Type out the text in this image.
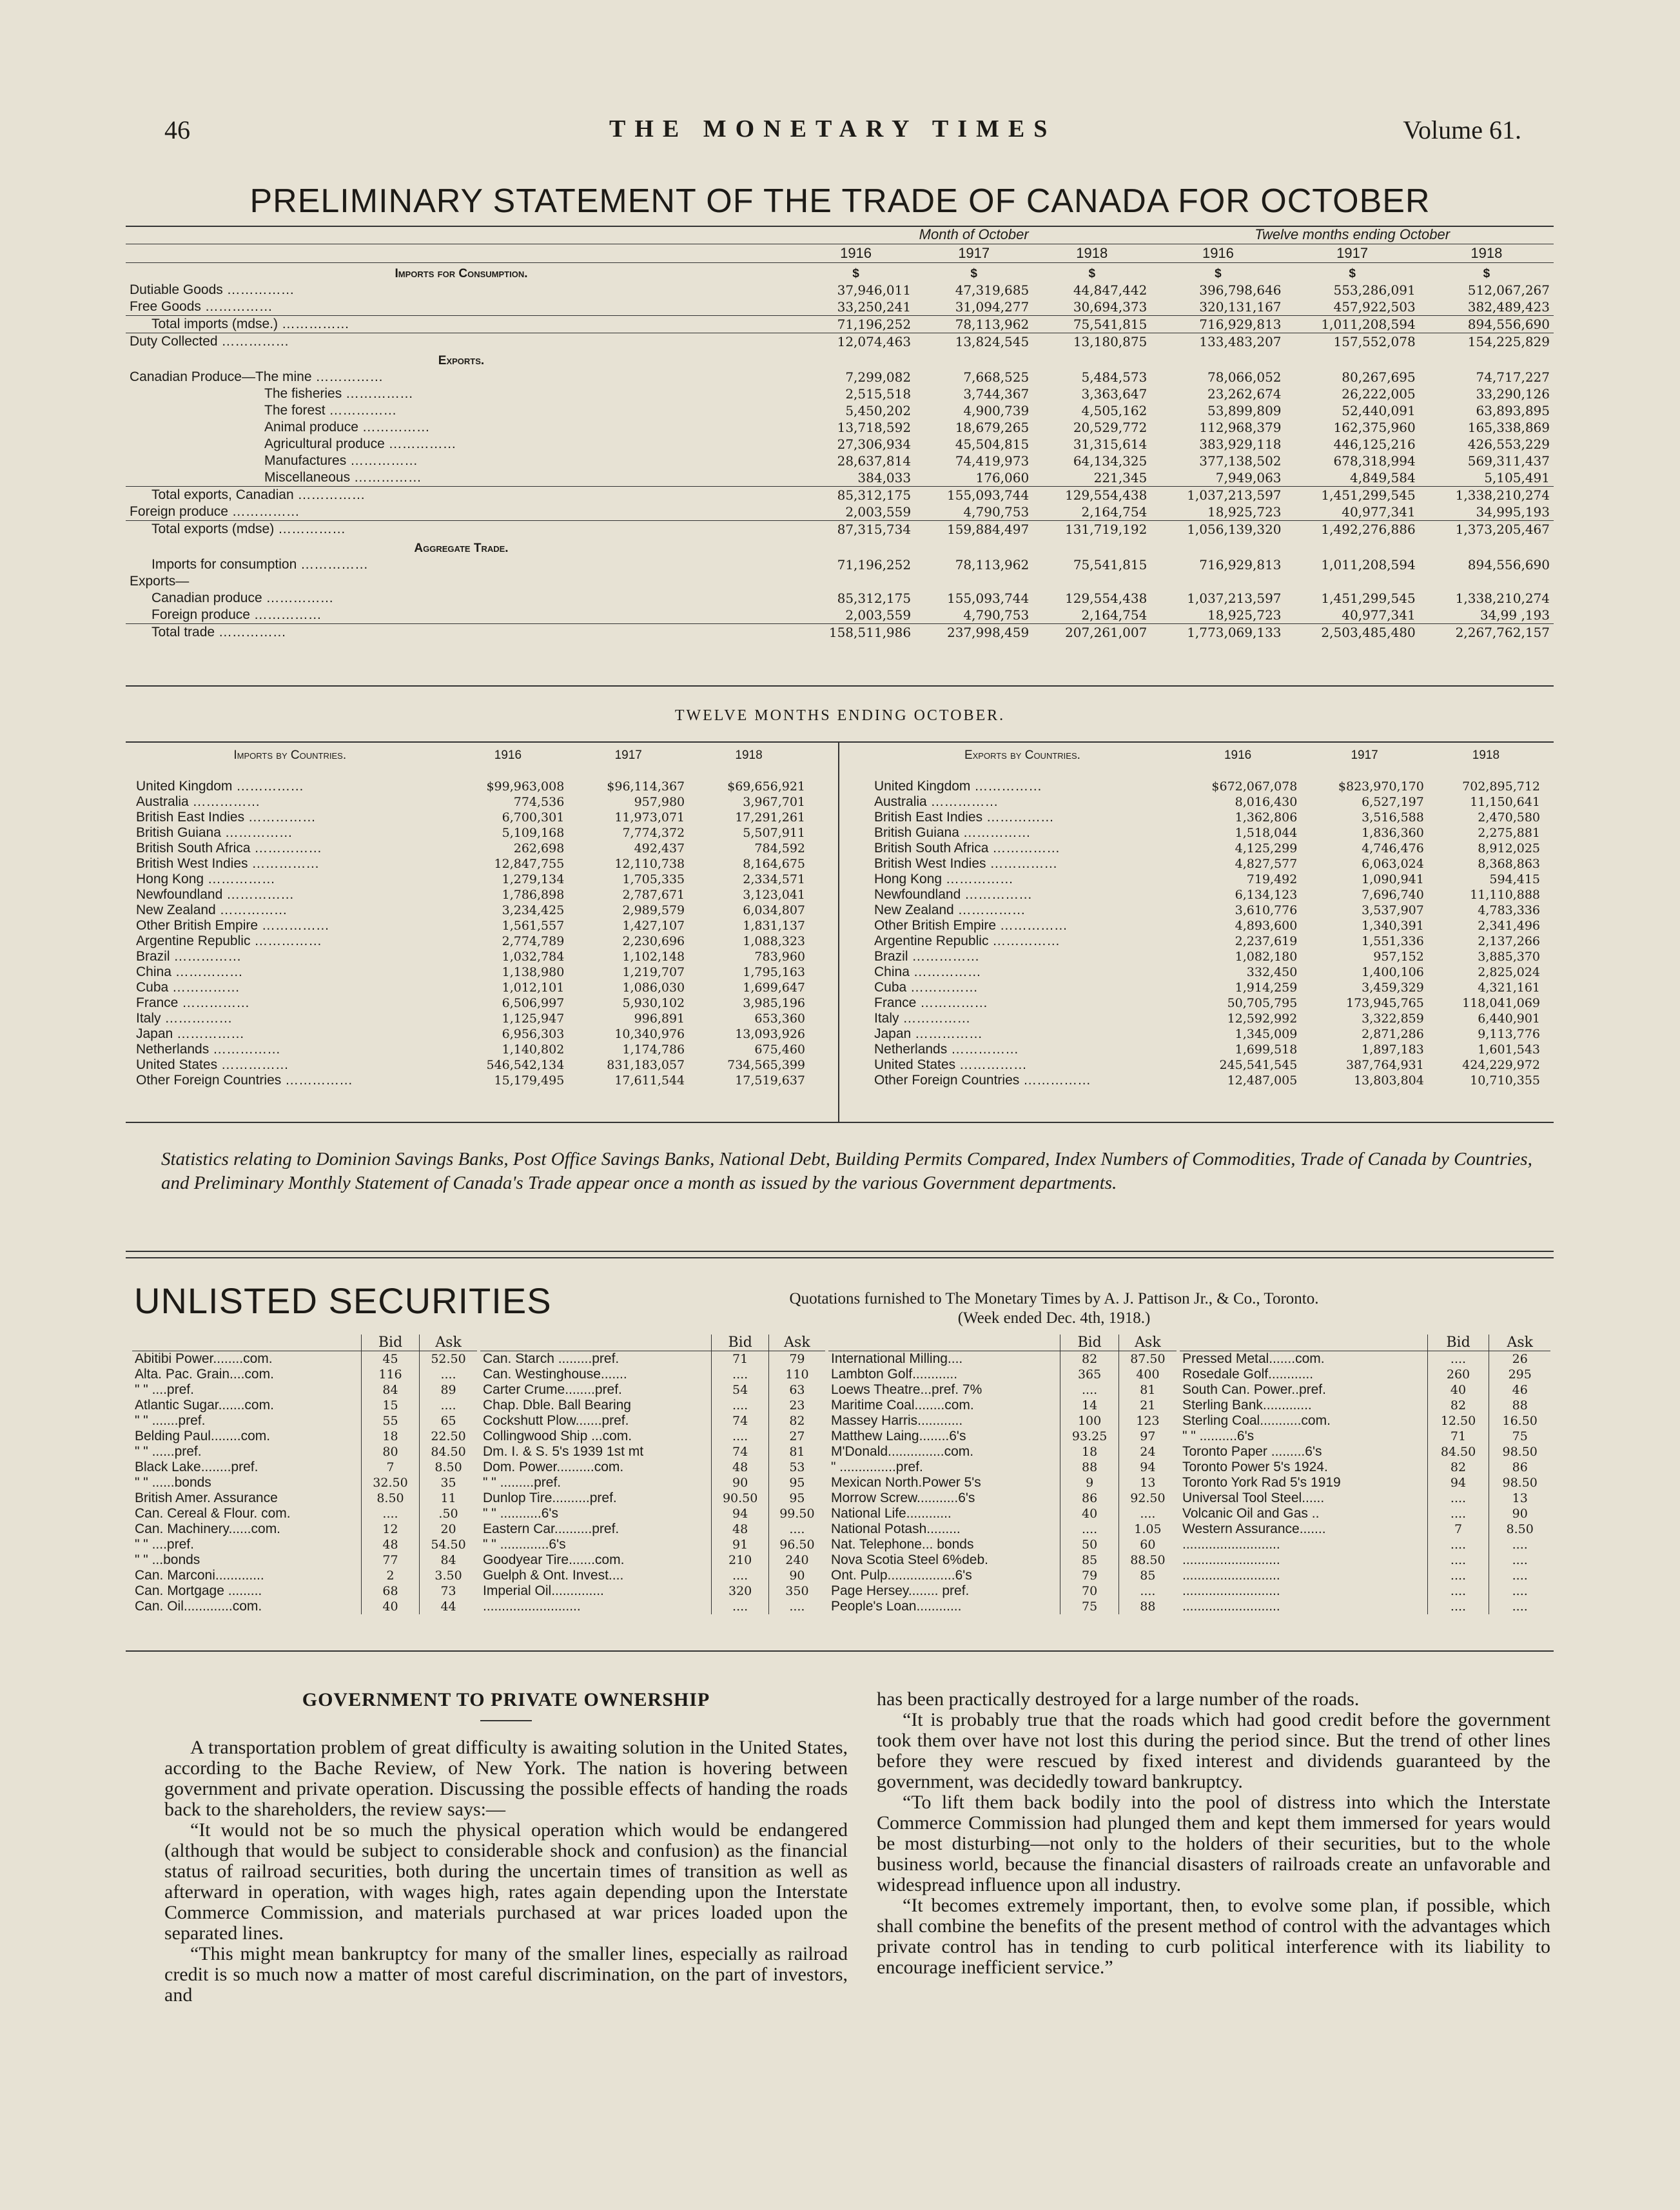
46	THE MONETARY TIMES	Volume 61.
PRELIMINARY STATEMENT OF THE TRADE OF CANADA FOR OCTOBER
	Month of October			Twelve months ending October		
	1916	1917	1918	1916	1917	1918
Imports for Consumption.	$	$	$	$	$	$
Dutiable Goods ……………	37,946,011	47,319,685	44,847,442	396,798,646	553,286,091	512,067,267
Free Goods ……………	33,250,241	31,094,277	30,694,373	320,131,167	457,922,503	382,489,423
Total imports (mdse.) ……………	71,196,252	78,113,962	75,541,815	716,929,813	1,011,208,594	894,556,690
Duty Collected ……………	12,074,463	13,824,545	13,180,875	133,483,207	157,552,078	154,225,829
Exports.						
Canadian Produce—The mine ……………	7,299,082	7,668,525	5,484,573	78,066,052	80,267,695	74,717,227
The fisheries ……………	2,515,518	3,744,367	3,363,647	23,262,674	26,222,005	33,290,126
The forest ……………	5,450,202	4,900,739	4,505,162	53,899,809	52,440,091	63,893,895
Animal produce ……………	13,718,592	18,679,265	20,529,772	112,968,379	162,375,960	165,338,869
Agricultural produce ……………	27,306,934	45,504,815	31,315,614	383,929,118	446,125,216	426,553,229
Manufactures ……………	28,637,814	74,419,973	64,134,325	377,138,502	678,318,994	569,311,437
Miscellaneous ……………	384,033	176,060	221,345	7,949,063	4,849,584	5,105,491
Total exports, Canadian ……………	85,312,175	155,093,744	129,554,438	1,037,213,597	1,451,299,545	1,338,210,274
Foreign produce ……………	2,003,559	4,790,753	2,164,754	18,925,723	40,977,341	34,995,193
Total exports (mdse) ……………	87,315,734	159,884,497	131,719,192	1,056,139,320	1,492,276,886	1,373,205,467
Aggregate Trade.						
Imports for consumption ……………	71,196,252	78,113,962	75,541,815	716,929,813	1,011,208,594	894,556,690
Exports—						
Canadian produce ……………	85,312,175	155,093,744	129,554,438	1,037,213,597	1,451,299,545	1,338,210,274
Foreign produce ……………	2,003,559	4,790,753	2,164,754	18,925,723	40,977,341	34,99 ,193
Total trade ……………	158,511,986	237,998,459	207,261,007	1,773,069,133	2,503,485,480	2,267,762,157
TWELVE MONTHS ENDING OCTOBER.
Imports by Countries.	1916	1917	1918
United Kingdom ……………	$99,963,008	$96,114,367	$69,656,921
Australia ……………	774,536	957,980	3,967,701
British East Indies ……………	6,700,301	11,973,071	17,291,261
British Guiana ……………	5,109,168	7,774,372	5,507,911
British South Africa ……………	262,698	492,437	784,592
British West Indies ……………	12,847,755	12,110,738	8,164,675
Hong Kong ……………	1,279,134	1,705,335	2,334,571
Newfoundland ……………	1,786,898	2,787,671	3,123,041
New Zealand ……………	3,234,425	2,989,579	6,034,807
Other British Empire ……………	1,561,557	1,427,107	1,831,137
Argentine Republic ……………	2,774,789	2,230,696	1,088,323
Brazil ……………	1,032,784	1,102,148	783,960
China ……………	1,138,980	1,219,707	1,795,163
Cuba ……………	1,012,101	1,086,030	1,699,647
France ……………	6,506,997	5,930,102	3,985,196
Italy ……………	1,125,947	996,891	653,360
Japan ……………	6,956,303	10,340,976	13,093,926
Netherlands ……………	1,140,802	1,174,786	675,460
United States ……………	546,542,134	831,183,057	734,565,399
Other Foreign Countries ……………	15,179,495	17,611,544	17,519,637
Exports by Countries.	1916	1917	1918
United Kingdom ……………	$672,067,078	$823,970,170	702,895,712
Australia ……………	8,016,430	6,527,197	11,150,641
British East Indies ……………	1,362,806	3,516,588	2,470,580
British Guiana ……………	1,518,044	1,836,360	2,275,881
British South Africa ……………	4,125,299	4,746,476	8,912,025
British West Indies ……………	4,827,577	6,063,024	8,368,863
Hong Kong ……………	719,492	1,090,941	594,415
Newfoundland ……………	6,134,123	7,696,740	11,110,888
New Zealand ……………	3,610,776	3,537,907	4,783,336
Other British Empire ……………	4,893,600	1,340,391	2,341,496
Argentine Republic ……………	2,237,619	1,551,336	2,137,266
Brazil ……………	1,082,180	957,152	3,885,370
China ……………	332,450	1,400,106	2,825,024
Cuba ……………	1,914,259	3,459,329	4,321,161
France ……………	50,705,795	173,945,765	118,041,069
Italy ……………	12,592,992	3,322,859	6,440,901
Japan ……………	1,345,009	2,871,286	9,113,776
Netherlands ……………	1,699,518	1,897,183	1,601,543
United States ……………	245,541,545	387,764,931	424,229,972
Other Foreign Countries ……………	12,487,005	13,803,804	10,710,355
Statistics relating to Dominion Savings Banks, Post Office Savings Banks, National Debt, Building Permits Compared, Index Numbers of Commodities, Trade of Canada by Countries, and Preliminary Monthly Statement of Canada's Trade appear once a month as issued by the various Government departments.
UNLISTED SECURITIES	Quotations furnished to The Monetary Times by A. J. Pattison Jr., & Co., Toronto.
(Week ended Dec. 4th, 1918.)
	Bid	Ask
Abitibi Power........com.	45	52.50
Alta. Pac. Grain....com.	116	....
" " ....pref.	84	89
Atlantic Sugar.......com.	15	....
" " .......pref.	55	65
Belding Paul........com.	18	22.50
" " ......pref.	80	84.50
Black Lake........pref.	7	8.50
" " ......bonds	32.50	35
British Amer. Assurance	8.50	11
Can. Cereal & Flour. com.	....	.50
Can. Machinery......com.	12	20
" " ....pref.	48	54.50
" " ...bonds	77	84
Can. Marconi.............	2	3.50
Can. Mortgage .........	68	73
Can. Oil.............com.	40	44
	Bid	Ask
Can. Starch .........pref.	71	79
Can. Westinghouse.......	....	110
Carter Crume........pref.	54	63
Chap. Dble. Ball Bearing	....	23
Cockshutt Plow.......pref.	74	82
Collingwood Ship ...com.	....	27
Dm. I. & S. 5's 1939 1st mt	74	81
Dom. Power..........com.	48	53
" " .........pref.	90	95
Dunlop Tire..........pref.	90.50	95
" " ...........6's	94	99.50
Eastern Car..........pref.	48	....
" " .............6's	91	96.50
Goodyear Tire.......com.	210	240
Guelph & Ont. Invest....	....	90
Imperial Oil..............	320	350
..........................	....	....
	Bid	Ask
International Milling....	82	87.50
Lambton Golf............	365	400
Loews Theatre...pref. 7%	....	81
Maritime Coal........com.	14	21
Massey Harris............	100	123
Matthew Laing........6's	93.25	97
M'Donald...............com.	18	24
" ...............pref.	88	94
Mexican North.Power 5's	9	13
Morrow Screw...........6's	86	92.50
National Life............	40	....
National Potash.........	....	1.05
Nat. Telephone... bonds	50	60
Nova Scotia Steel 6%deb.	85	88.50
Ont. Pulp..................6's	79	85
Page Hersey........ pref.	70	....
People's Loan............	75	88
	Bid	Ask
Pressed Metal.......com.	....	26
Rosedale Golf............	260	295
South Can. Power..pref.	40	46
Sterling Bank.............	82	88
Sterling Coal...........com.	12.50	16.50
" " ..........6's	71	75
Toronto Paper .........6's	84.50	98.50
Toronto Power 5's 1924.	82	86
Toronto York Rad 5's 1919	94	98.50
Universal Tool Steel......	....	13
Volcanic Oil and Gas ..	....	90
Western Assurance.......	7	8.50
..........................	....	....
..........................	....	....
..........................	....	....
..........................	....	....
..........................	....	....
GOVERNMENT TO PRIVATE OWNERSHIP

A transportation problem of great difficulty is awaiting solution in the United States, according to the Bache Review, of New York. The nation is hovering between government and private operation. Discussing the possible effects of handing the roads back to the shareholders, the review says:—

“It would not be so much the physical operation which would be endangered (although that would be subject to considerable shock and confusion) as the financial status of railroad securities, both during the uncertain times of transition as well as afterward in operation, with wages high, rates again depending upon the Interstate Commerce Commission, and materials purchased at war prices loaded upon the separated lines.

“This might mean bankruptcy for many of the smaller lines, especially as railroad credit is so much now a matter of most careful discrimination, on the part of investors, and

has been practically destroyed for a large number of the roads.

“It is probably true that the roads which had good credit before the government took them over have not lost this during the period since. But the trend of other lines before they were rescued by fixed interest and dividends guaranteed by the government, was decidedly toward bankruptcy.

“To lift them back bodily into the pool of distress into which the Interstate Commerce Commission had plunged them and kept them immersed for years would be most disturbing—not only to the holders of their securities, but to the whole business world, because the financial disasters of railroads create an unfavorable and widespread influence upon all industry.

“It becomes extremely important, then, to evolve some plan, if possible, which shall combine the benefits of the present method of control with the advantages which private control has in tending to curb political interference with its liability to encourage inefficient service.”
